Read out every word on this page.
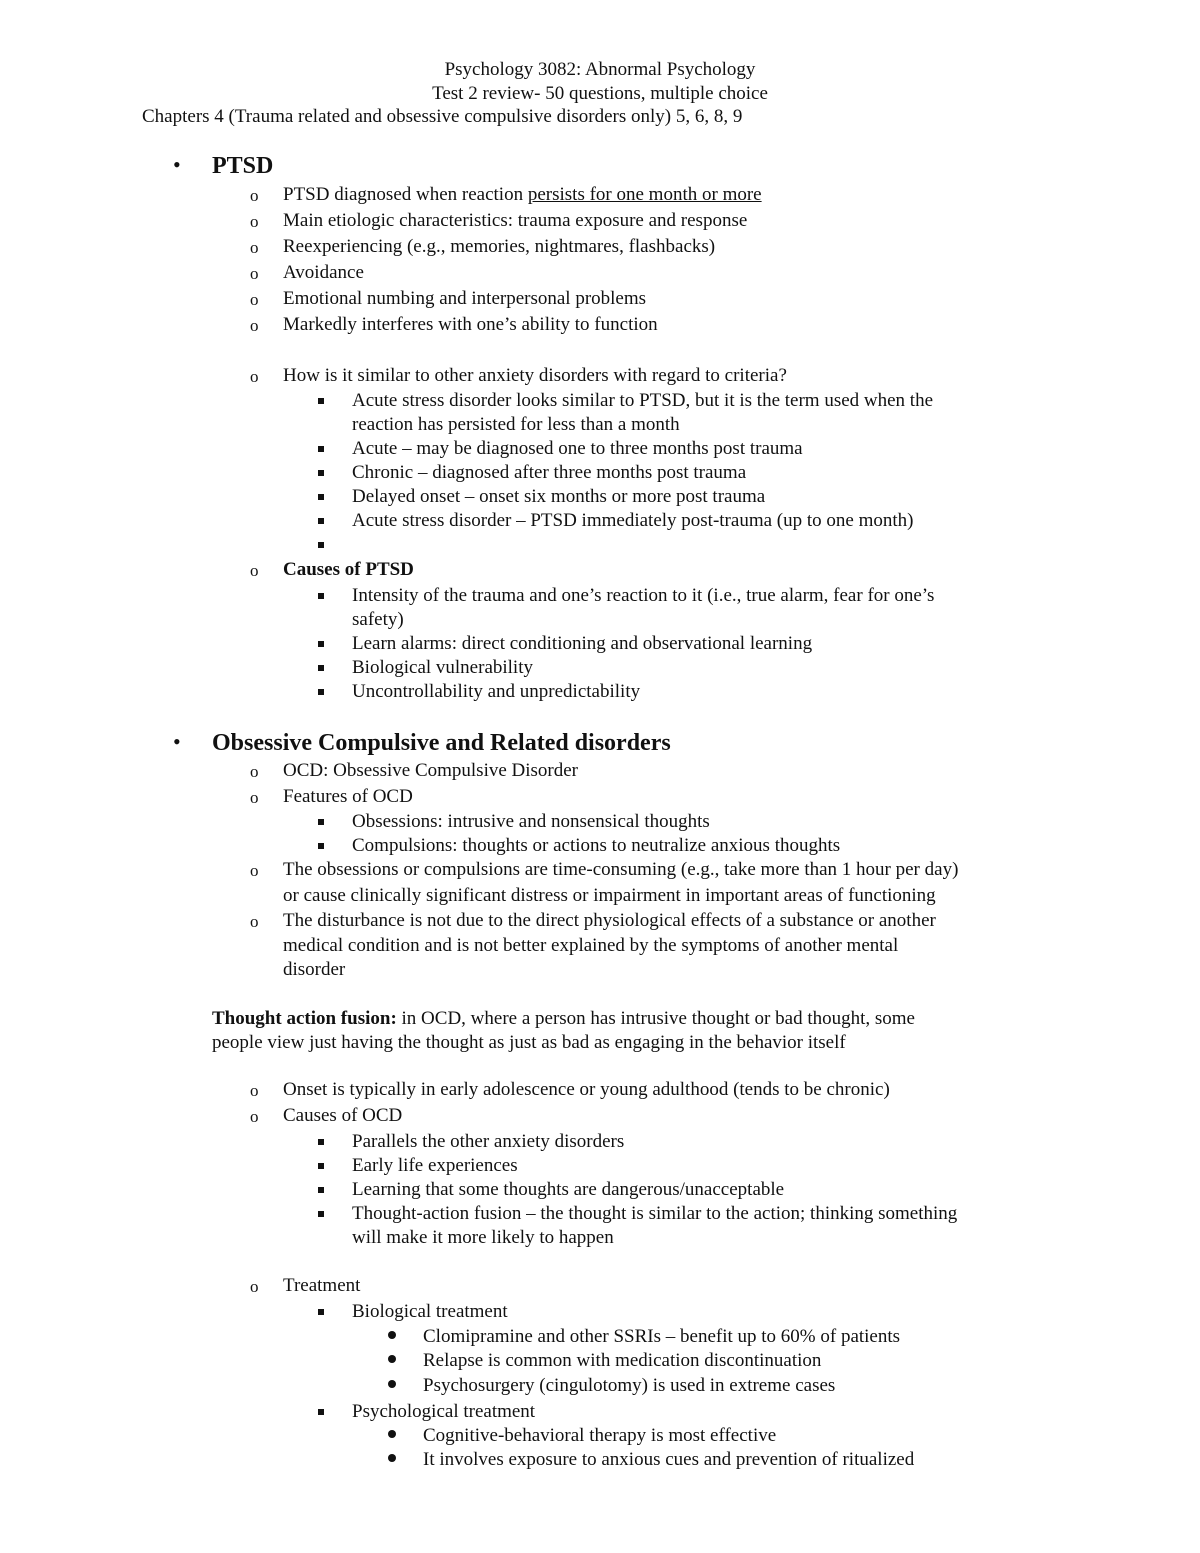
Psychology 3082: Abnormal Psychology
Test 2 review- 50 questions, multiple choice
Chapters 4 (Trauma related and obsessive compulsive disorders only) 5, 6, 8, 9
• PTSD
o PTSD diagnosed when reaction persists for one month or more
o Main etiologic characteristics: trauma exposure and response
o Reexperiencing (e.g., memories, nightmares, flashbacks)
o Avoidance
o Emotional numbing and interpersonal problems
o Markedly interferes with one’s ability to function
o How is it similar to other anxiety disorders with regard to criteria?
Acute stress disorder looks similar to PTSD, but it is the term used when the
reaction has persisted for less than a month
Acute – may be diagnosed one to three months post trauma
Chronic – diagnosed after three months post trauma
Delayed onset – onset six months or more post trauma
Acute stress disorder – PTSD immediately post-trauma (up to one month)
o Causes of PTSD
Intensity of the trauma and one’s reaction to it (i.e., true alarm, fear for one’s
safety)
Learn alarms: direct conditioning and observational learning
Biological vulnerability
Uncontrollability and unpredictability
• Obsessive Compulsive and Related disorders
o OCD: Obsessive Compulsive Disorder
o Features of OCD
Obsessions: intrusive and nonsensical thoughts
Compulsions: thoughts or actions to neutralize anxious thoughts
o The obsessions or compulsions are time-consuming (e.g., take more than 1 hour per day)
or cause clinically significant distress or impairment in important areas of functioning
o The disturbance is not due to the direct physiological effects of a substance or another
medical condition and is not better explained by the symptoms of another mental
disorder
Thought action fusion: in OCD, where a person has intrusive thought or bad thought, some
people view just having the thought as just as bad as engaging in the behavior itself
o Onset is typically in early adolescence or young adulthood (tends to be chronic)
o Causes of OCD
Parallels the other anxiety disorders
Early life experiences
Learning that some thoughts are dangerous/unacceptable
Thought-action fusion – the thought is similar to the action; thinking something
will make it more likely to happen
o Treatment
Biological treatment
Clomipramine and other SSRIs – benefit up to 60% of patients
Relapse is common with medication discontinuation
Psychosurgery (cingulotomy) is used in extreme cases
Psychological treatment
Cognitive-behavioral therapy is most effective
It involves exposure to anxious cues and prevention of ritualized
